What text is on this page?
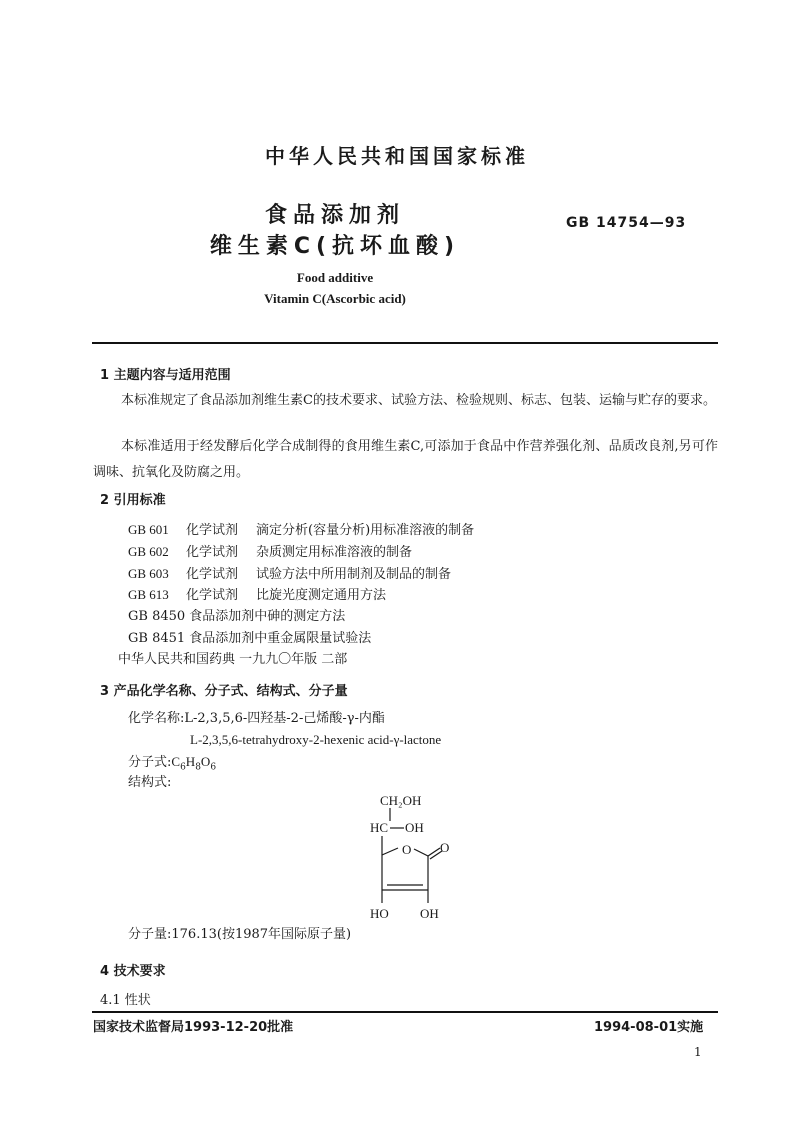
中华人民共和国国家标准
食品添加剂
维生素C(抗坏血酸)
GB 14754—93
Food additive
Vitamin C(Ascorbic acid)
1 主题内容与适用范围
本标准规定了食品添加剂维生素C的技术要求、试验方法、检验规则、标志、包装、运输与贮存的要求。
本标准适用于经发酵后化学合成制得的食用维生素C,可添加于食品中作营养强化剂、品质改良剂,另可作调味、抗氧化及防腐之用。
2 引用标准
GB 601 化学试剂 滴定分析(容量分析)用标准溶液的制备
GB 602 化学试剂 杂质测定用标准溶液的制备
GB 603 化学试剂 试验方法中所用制剂及制品的制备
GB 613 化学试剂 比旋光度测定通用方法
GB 8450 食品添加剂中砷的测定方法
GB 8451 食品添加剂中重金属限量试验法
中华人民共和国药典 一九九〇年版 二部
3 产品化学名称、分子式、结构式、分子量
化学名称:L-2,3,5,6-四羟基-2-己烯酸-γ-内酯
L-2,3,5,6-tetrahydroxy-2-hexenic acid-γ-lactone
分子式$:C_6H_8O_6$
结构式:
CH₂OH
HC OH
O O
HO OH
分子量:176.13(按1987年国际原子量)
4 技术要求
4.1 性状
国家技术监督局1993-12-20批准	1994-08-01实施
1
